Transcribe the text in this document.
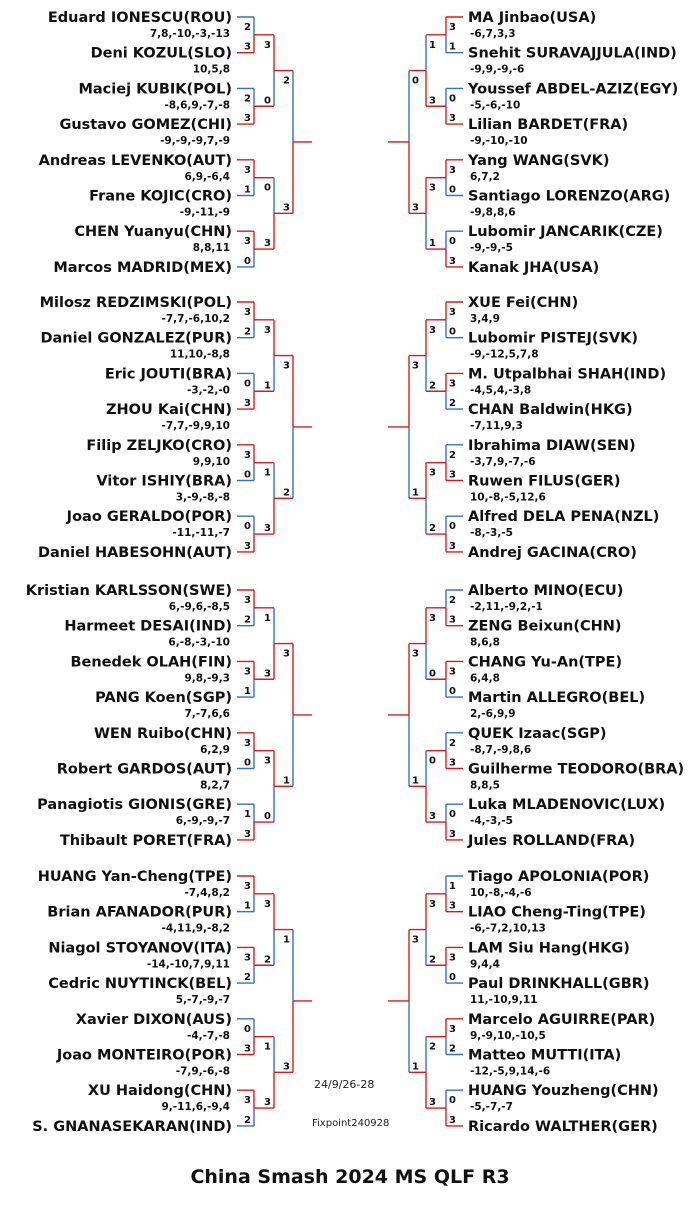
Eduard IONESCU(ROU)
7,8,-10,-3,-13
Deni KOZUL(SLO)
10,5,8
Maciej KUBIK(POL)
-8,6,9,-7,-8
Gustavo GOMEZ(CHI)
-9,-9,-9,7,-9
Andreas LEVENKO(AUT)
6,9,-6,4
Frane KOJIC(CRO)
-9,-11,-9
CHEN Yuanyu(CHN)
8,8,11
Marcos MADRID(MEX)
2
3
2
3
3
1
3
0
3
0
0
3
2
3
Milosz REDZIMSKI(POL)
-7,7,-6,10,2
Daniel GONZALEZ(PUR)
11,10,-8,8
Eric JOUTI(BRA)
-3,-2,-0
ZHOU Kai(CHN)
-7,7,-9,9,10
Filip ZELJKO(CRO)
9,9,10
Vitor ISHIY(BRA)
3,-9,-8,-8
Joao GERALDO(POR)
-11,-11,-7
Daniel HABESOHN(AUT)
3
2
0
3
3
0
0
3
3
1
1
3
3
2
Kristian KARLSSON(SWE)
6,-9,6,-8,5
Harmeet DESAI(IND)
6,-8,-3,-10
Benedek OLAH(FIN)
9,8,-9,3
PANG Koen(SGP)
7,-7,6,6
WEN Ruibo(CHN)
6,2,9
Robert GARDOS(AUT)
8,2,7
Panagiotis GIONIS(GRE)
6,-9,-9,-7
Thibault PORET(FRA)
3
2
3
1
3
0
1
3
1
3
3
0
3
1
HUANG Yan-Cheng(TPE)
-7,4,8,2
Brian AFANADOR(PUR)
-4,11,9,-8,2
Niagol STOYANOV(ITA)
-14,-10,7,9,11
Cedric NUYTINCK(BEL)
5,-7,-9,-7
Xavier DIXON(AUS)
-4,-7,-8
Joao MONTEIRO(POR)
-7,9,-6,-8
XU Haidong(CHN)
9,-11,6,-9,4
S. GNANASEKARAN(IND)
3
1
3
2
0
3
3
2
3
2
1
3
1
3
MA Jinbao(USA)
-6,7,3,3
Snehit SURAVAJJULA(IND)
-9,9,-9,-6
Youssef ABDEL-AZIZ(EGY)
-5,-6,-10
Lilian BARDET(FRA)
-9,-10,-10
Yang WANG(SVK)
6,7,2
Santiago LORENZO(ARG)
-9,8,8,6
Lubomir JANCARIK(CZE)
-9,-9,-5
Kanak JHA(USA)
3
1
0
3
3
0
0
3
1
3
3
1
0
3
XUE Fei(CHN)
3,4,9
Lubomir PISTEJ(SVK)
-9,-12,5,7,8
M. Utpalbhai SHAH(IND)
-4,5,4,-3,8
CHAN Baldwin(HKG)
-7,11,9,3
Ibrahima DIAW(SEN)
-3,7,9,-7,-6
Ruwen FILUS(GER)
10,-8,-5,12,6
Alfred DELA PENA(NZL)
-8,-3,-5
Andrej GACINA(CRO)
3
0
3
2
2
3
0
3
3
2
3
2
3
1
Alberto MINO(ECU)
-2,11,-9,2,-1
ZENG Beixun(CHN)
8,6,8
CHANG Yu-An(TPE)
6,4,8
Martin ALLEGRO(BEL)
2,-6,9,9
QUEK Izaac(SGP)
-8,7,-9,8,6
Guilherme TEODORO(BRA)
8,8,5
Luka MLADENOVIC(LUX)
-4,-3,-5
Jules ROLLAND(FRA)
2
3
3
0
2
3
0
3
3
0
0
3
3
1
Tiago APOLONIA(POR)
10,-8,-4,-6
LIAO Cheng-Ting(TPE)
-6,-7,2,10,13
LAM Siu Hang(HKG)
9,4,4
Paul DRINKHALL(GBR)
11,-10,9,11
Marcelo AGUIRRE(PAR)
9,-9,10,-10,5
Matteo MUTTI(ITA)
-12,-5,9,14,-6
HUANG Youzheng(CHN)
-5,-7,-7
Ricardo WALTHER(GER)
1
3
3
0
3
2
0
3
3
2
2
3
3
1
24/9/26-28
Fixpoint240928
China Smash 2024 MS QLF R3
